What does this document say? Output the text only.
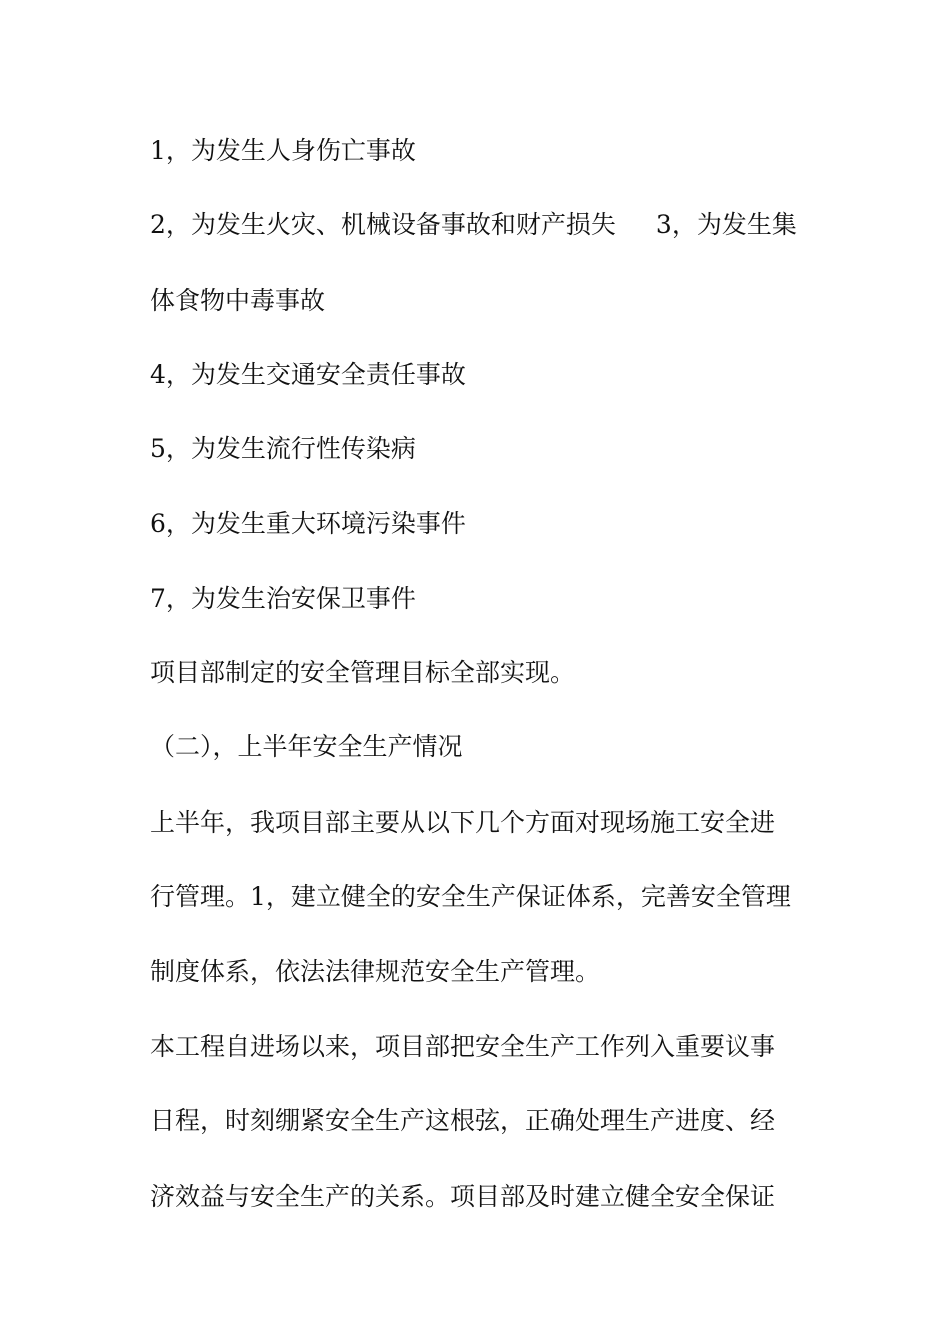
1，为发生人身伤亡事故
2，为发生火灾、机械设备事故和财产损失 3，为发生集
体食物中毒事故
4，为发生交通安全责任事故
5，为发生流行性传染病
6，为发生重大环境污染事件
7，为发生治安保卫事件
项目部制定的安全管理目标全部实现。
（二），上半年安全生产情况
上半年，我项目部主要从以下几个方面对现场施工安全进
行管理。1，建立健全的安全生产保证体系，完善安全管理
制度体系，依法法律规范安全生产管理。
本工程自进场以来，项目部把安全生产工作列入重要议事
日程，时刻绷紧安全生产这根弦，正确处理生产进度、经
济效益与安全生产的关系。项目部及时建立健全安全保证
